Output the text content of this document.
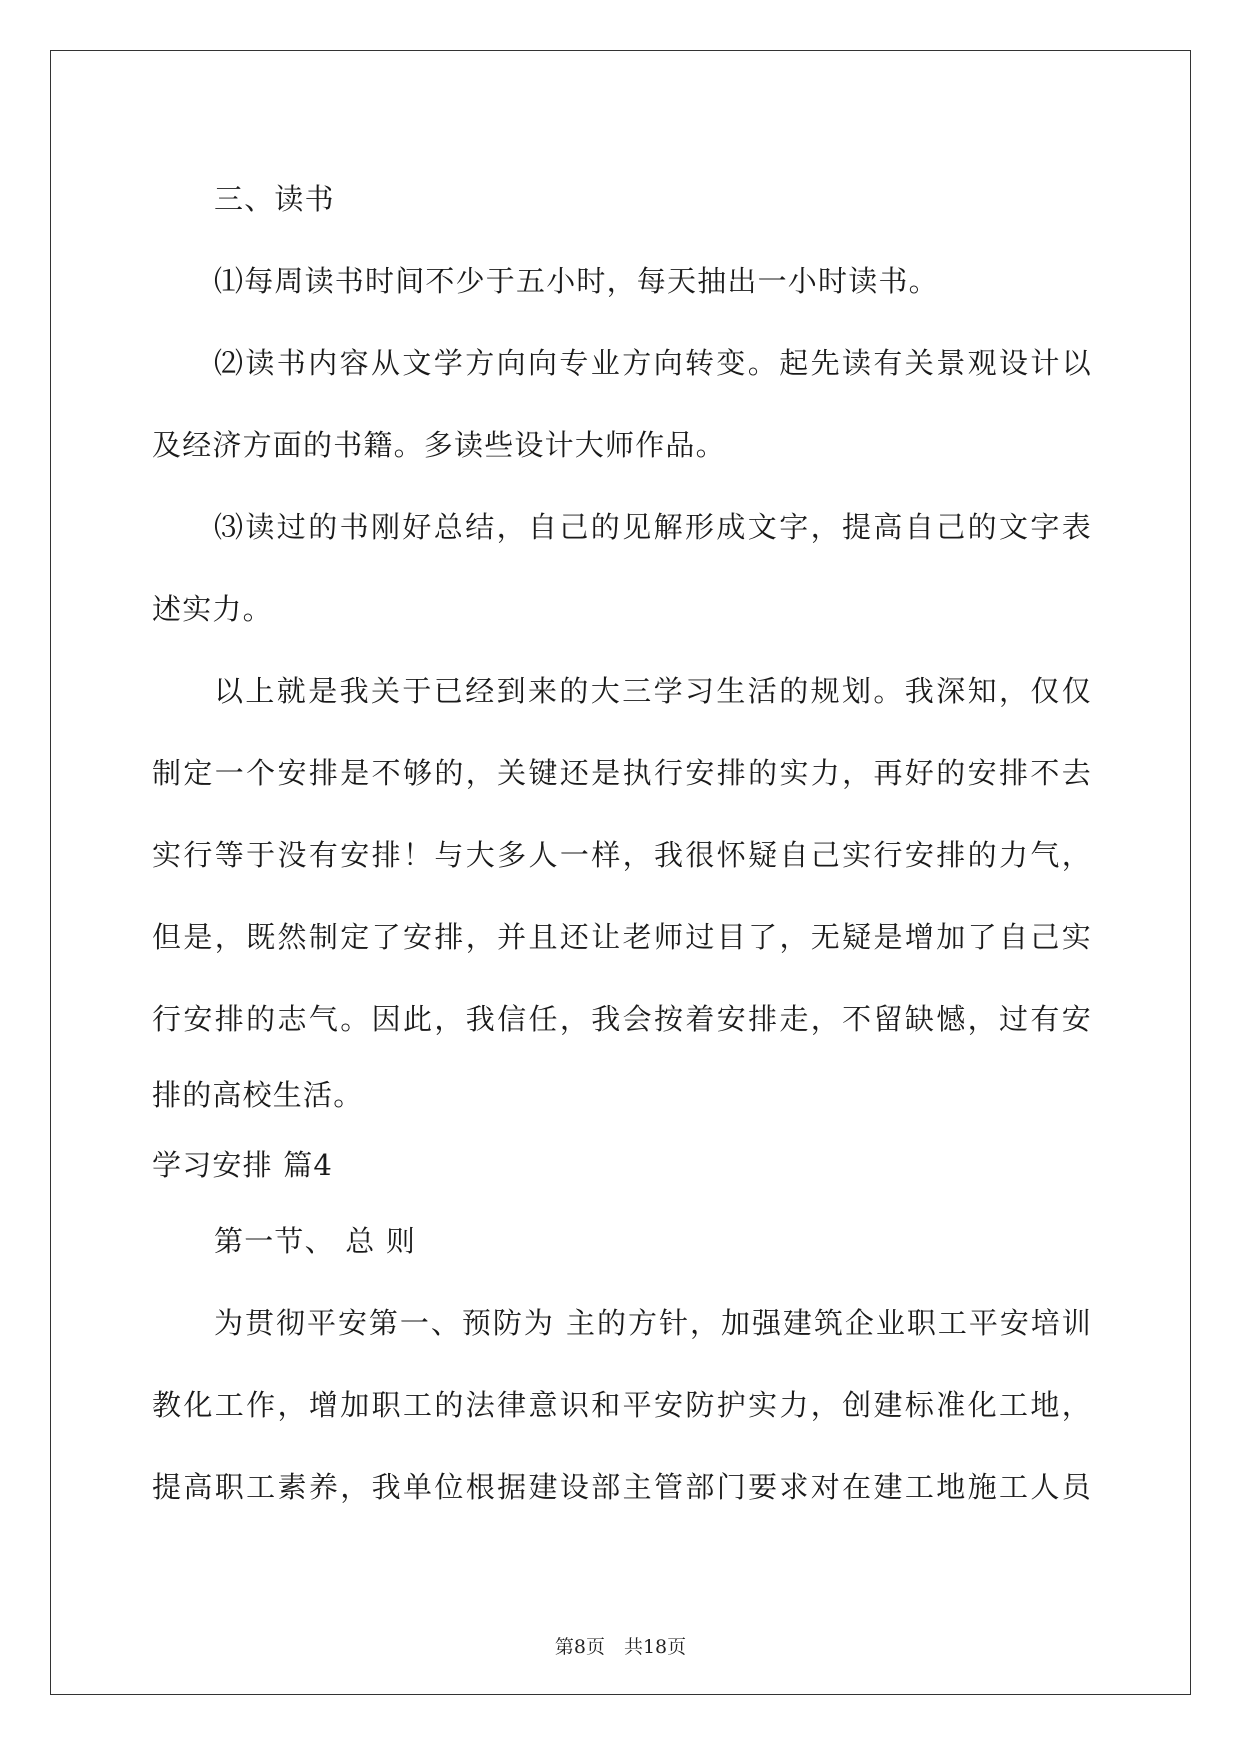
三、读书
⑴每周读书时间不少于五小时，每天抽出一小时读书。
⑵读书内容从文学方向向专业方向转变。起先读有关景观设计以
及经济方面的书籍。多读些设计大师作品。
⑶读过的书刚好总结，自己的见解形成文字，提高自己的文字表
述实力。
以上就是我关于已经到来的大三学习生活的规划。我深知，仅仅
制定一个安排是不够的，关键还是执行安排的实力，再好的安排不去
实行等于没有安排！与大多人一样，我很怀疑自己实行安排的力气，
但是，既然制定了安排，并且还让老师过目了，无疑是增加了自己实
行安排的志气。因此，我信任，我会按着安排走，不留缺憾，过有安
排的高校生活。
学习安排 篇4
第一节、 总 则
为贯彻平安第一、预防为 主的方针，加强建筑企业职工平安培训
教化工作，增加职工的法律意识和平安防护实力，创建标准化工地，
提高职工素养，我单位根据建设部主管部门要求对在建工地施工人员
第8页　共18页
